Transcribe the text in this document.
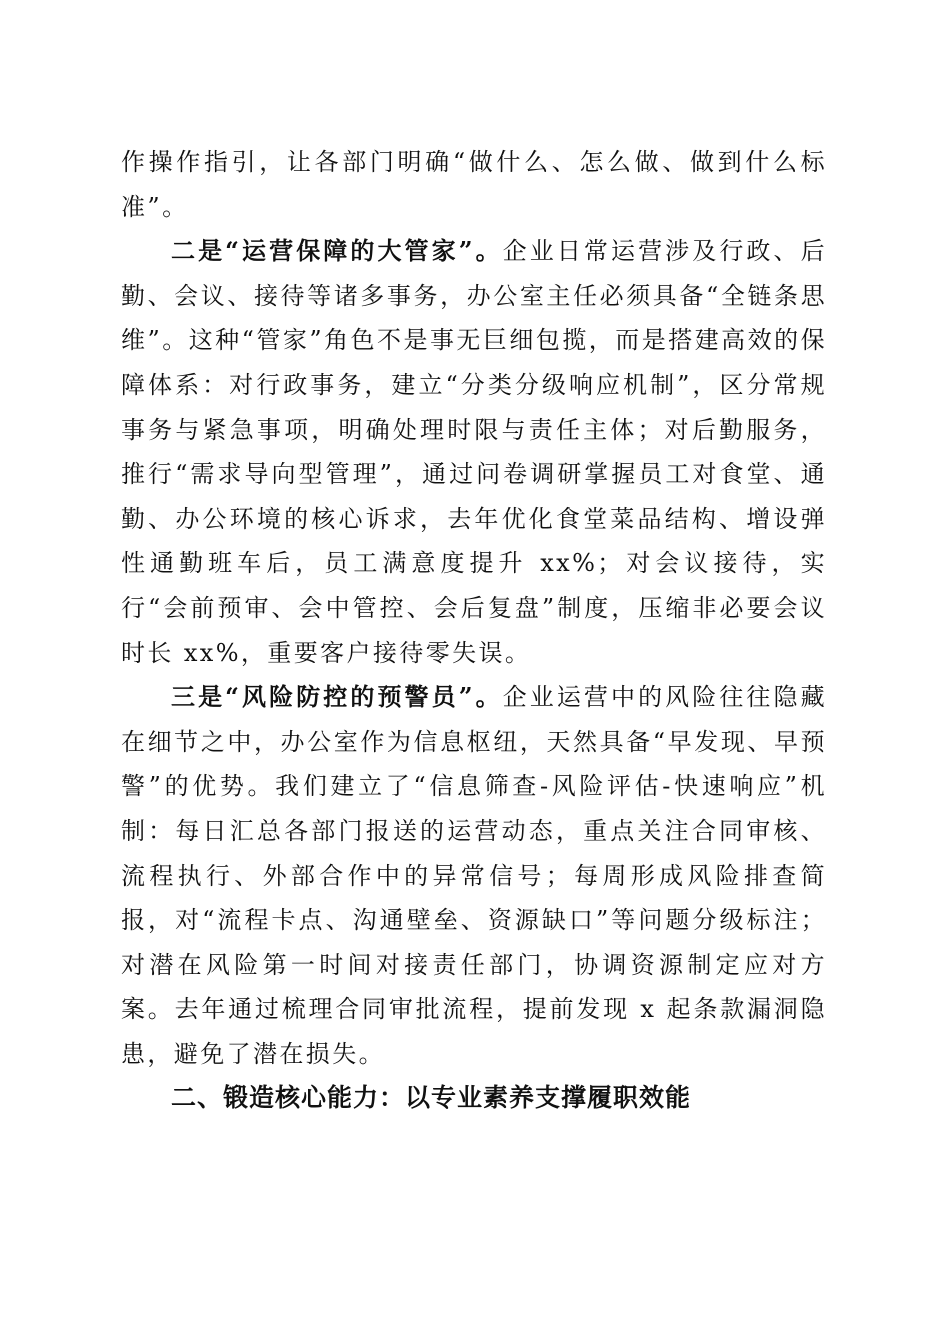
作操作指引，让各部门明确“做什么、怎么做、做到什么标准”。

二是“运营保障的大管家”。企业日常运营涉及行政、后勤、会议、接待等诸多事务，办公室主任必须具备“全链条思维”。这种“管家”角色不是事无巨细包揽，而是搭建高效的保障体系：对行政事务，建立“分类分级响应机制”，区分常规事务与紧急事项，明确处理时限与责任主体；对后勤服务，推行“需求导向型管理”，通过问卷调研掌握员工对食堂、通勤、办公环境的核心诉求，去年优化食堂菜品结构、增设弹性通勤班车后，员工满意度提升 xx%；对会议接待，实行“会前预审、会中管控、会后复盘”制度，压缩非必要会议时长 xx%，重要客户接待零失误。

三是“风险防控的预警员”。企业运营中的风险往往隐藏在细节之中，办公室作为信息枢纽，天然具备“早发现、早预警”的优势。我们建立了“信息筛查-风险评估-快速响应”机制：每日汇总各部门报送的运营动态，重点关注合同审核、流程执行、外部合作中的异常信号；每周形成风险排查简报，对“流程卡点、沟通壁垒、资源缺口”等问题分级标注；对潜在风险第一时间对接责任部门，协调资源制定应对方案。去年通过梳理合同审批流程，提前发现 x 起条款漏洞隐患，避免了潜在损失。

二、锻造核心能力：以专业素养支撑履职效能
